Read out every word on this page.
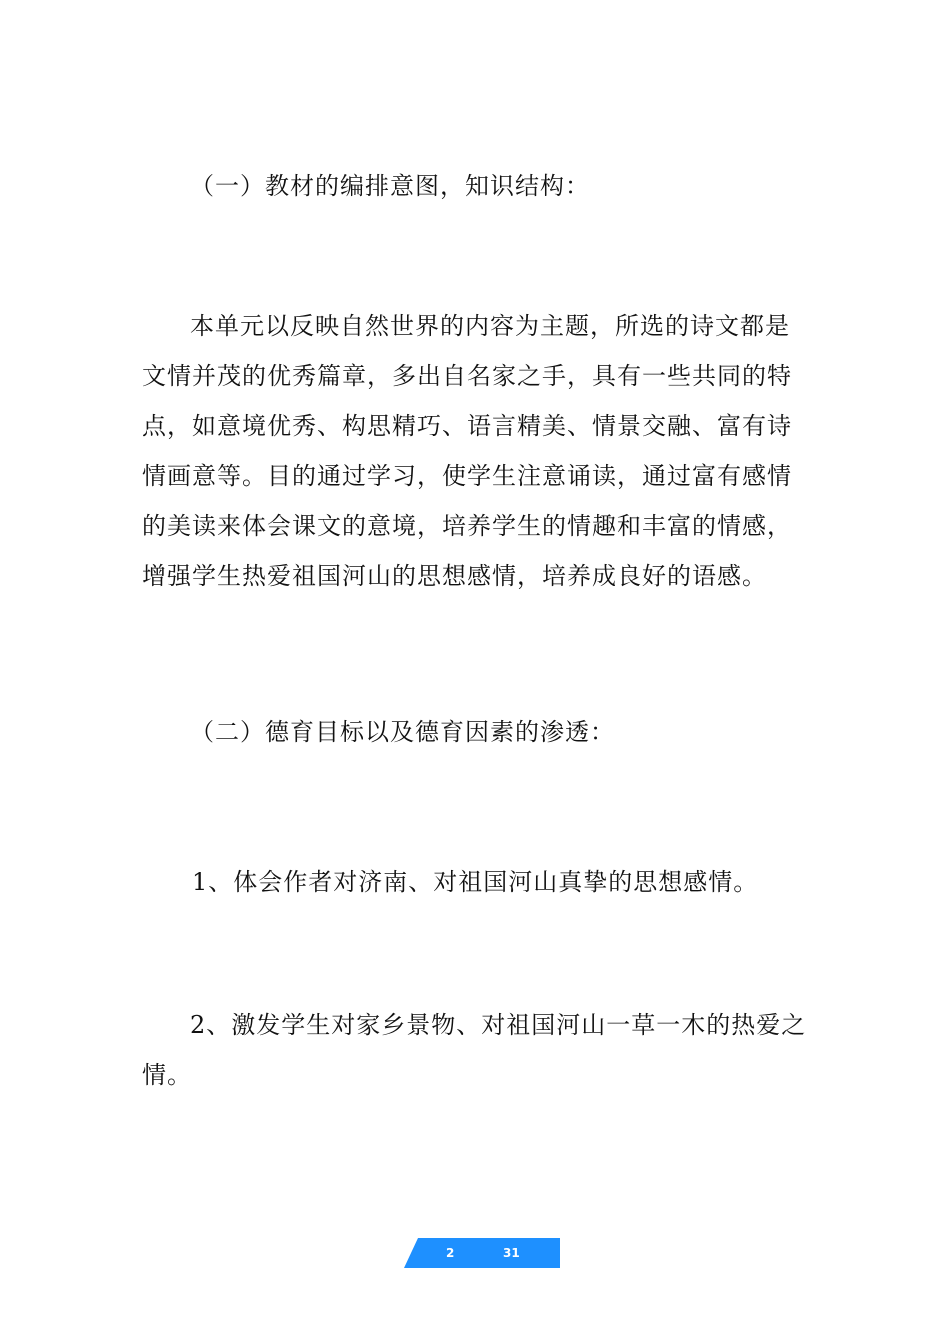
（一）教材的编排意图，知识结构：
本单元以反映自然世界的内容为主题，所选的诗文都是
文情并茂的优秀篇章，多出自名家之手，具有一些共同的特
点，如意境优秀、构思精巧、语言精美、情景交融、富有诗
情画意等。目的通过学习，使学生注意诵读，通过富有感情
的美读来体会课文的意境，培养学生的情趣和丰富的情感，
增强学生热爱祖国河山的思想感情，培养成良好的语感。
（二）德育目标以及德育因素的渗透：
1、体会作者对济南、对祖国河山真挚的思想感情。
2、激发学生对家乡景物、对祖国河山一草一木的热爱之
情。
2	31
